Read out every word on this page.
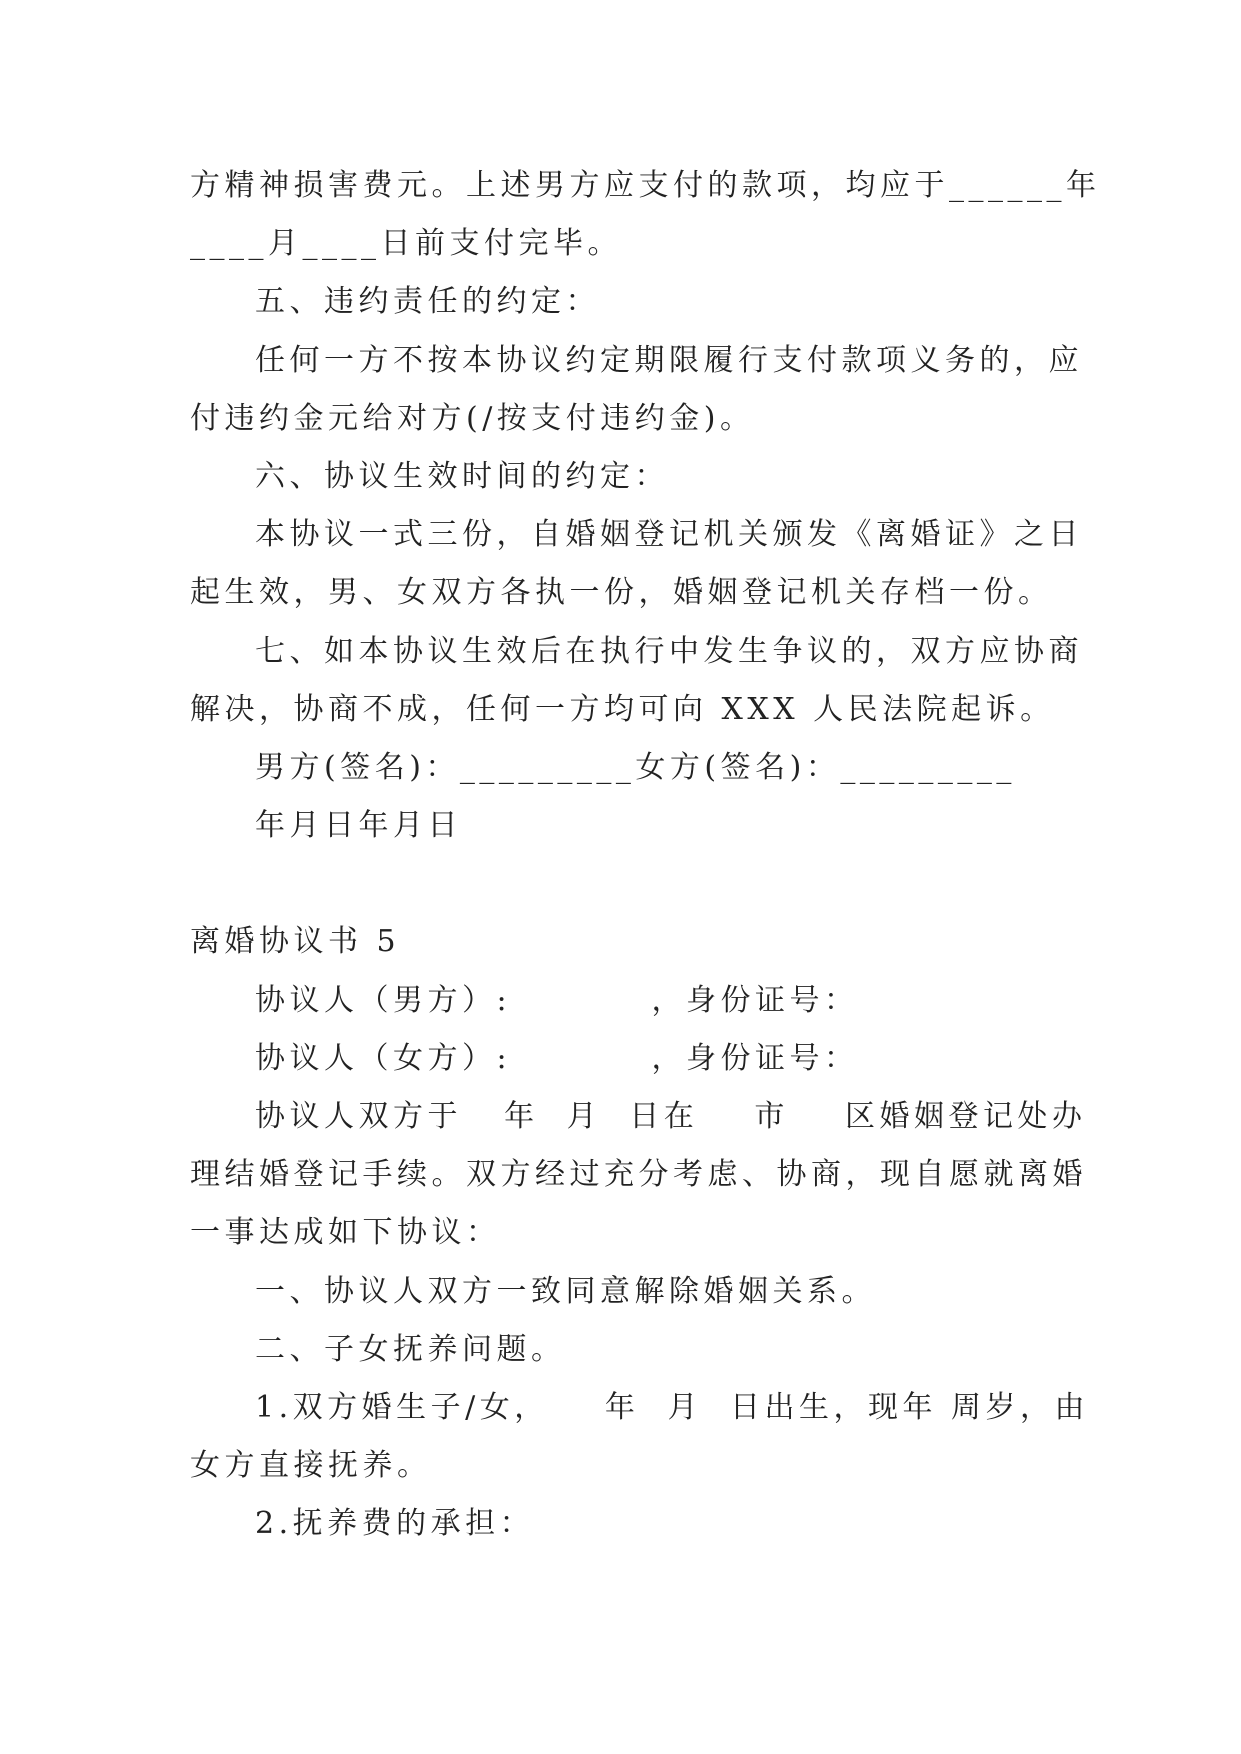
方精神损害费元。上述男方应支付的款项，均应于______年
____月____日前支付完毕。
五、违约责任的约定：
任何一方不按本协议约定期限履行支付款项义务的，应
付违约金元给对方(/按支付违约金)。
六、协议生效时间的约定：
本协议一式三份，自婚姻登记机关颁发《离婚证》之日
起生效，男、女双方各执一份，婚姻登记机关存档一份。
七、如本协议生效后在执行中发生争议的，双方应协商
解决，协商不成，任何一方均可向 XXX 人民法院起诉。
男方(签名)：_________女方(签名)：_________
年月日年月日
离婚协议书 5
协议人（男方）:          ，身份证号：
协议人（女方）:          ，身份证号：
协议人双方于   年  月  日在    市    区婚姻登记处办
理结婚登记手续。双方经过充分考虑、协商，现自愿就离婚
一事达成如下协议：
一、协议人双方一致同意解除婚姻关系。
二、子女抚养问题。
1.双方婚生子/女，    年  月  日出生，现年 周岁，由
女方直接抚养。
2.抚养费的承担：
